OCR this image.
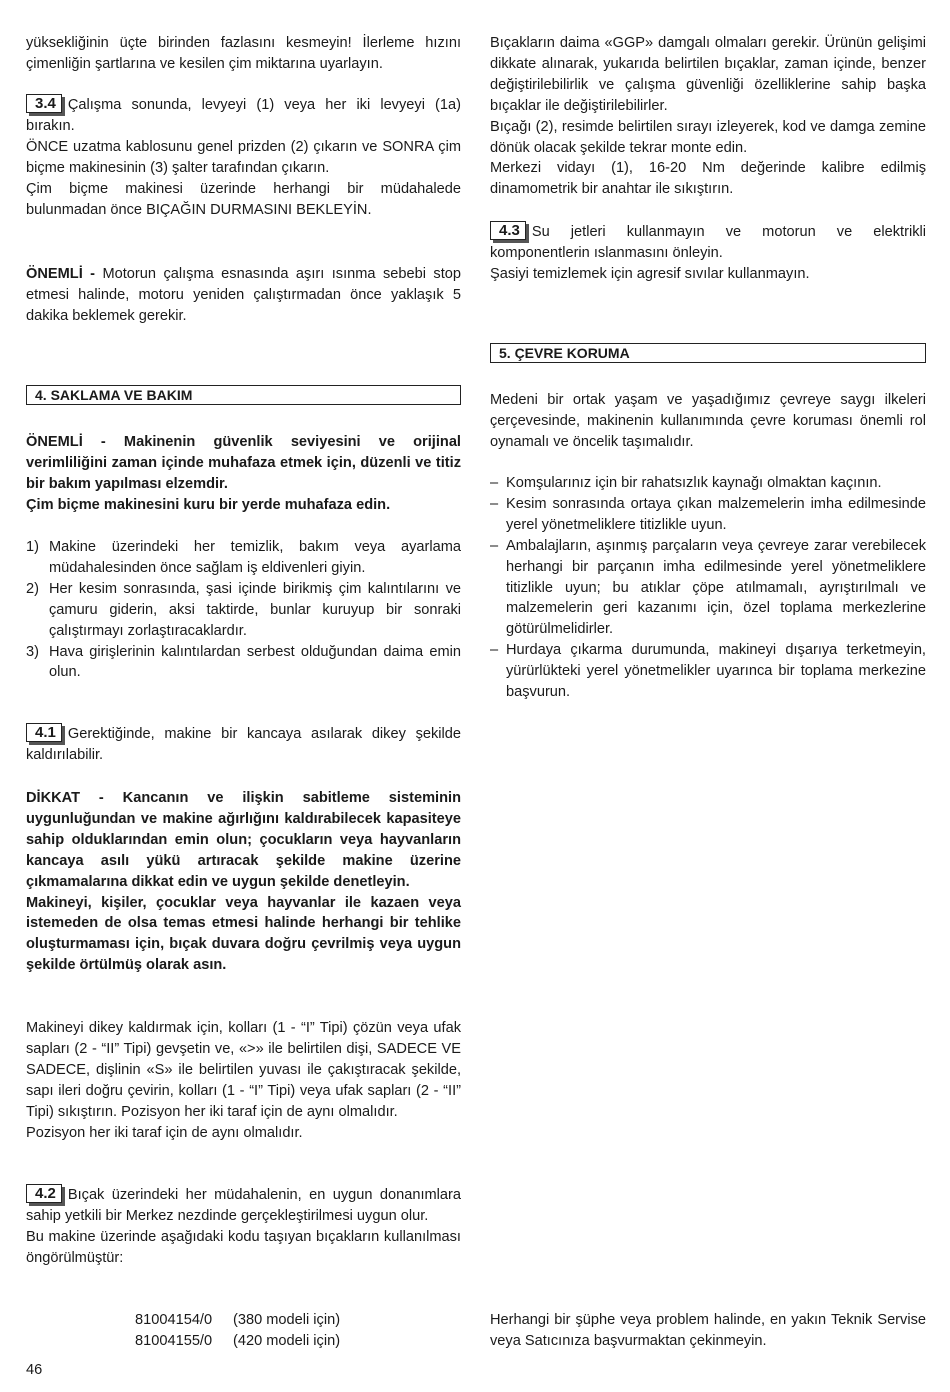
yüksekliğinin üçte birinden fazlasını kesmeyin! İlerleme hızını çimenliğin şartlarına ve kesilen çim miktarına uyarlayın.

3.4 Çalışma sonunda, levyeyi (1) veya her iki levyeyi (1a) bırakın.

ÖNCE uzatma kablosunu genel prizden (2) çıkarın ve SONRA çim biçme makinesinin (3) şalter tarafından çıkarın.

Çim biçme makinesi üzerinde herhangi bir müdahalede bulunmadan önce BIÇAĞIN DURMASINI BEKLEYİN.

ÖNEMLİ - Motorun çalışma esnasında aşırı ısınma sebebi stop etmesi halinde, motoru yeniden çalıştırmadan önce yaklaşık 5 dakika beklemek gerekir.

4. SAKLAMA VE BAKIM

ÖNEMLİ - Makinenin güvenlik seviyesini ve orijinal verimliliğini zaman içinde muhafaza etmek için, düzenli ve titiz bir bakım yapılması elzemdir.

Çim biçme makinesini kuru bir yerde muhafaza edin.

1) Makine üzerindeki her temizlik, bakım veya ayarlama müdahalesinden önce sağlam iş eldivenleri giyin.
2) Her kesim sonrasında, şasi içinde birikmiş çim kalıntılarını ve çamuru giderin, aksi taktirde, bunlar kuruyup bir sonraki çalıştırmayı zorlaştıracaklardır.
3) Hava girişlerinin kalıntılardan serbest olduğundan daima emin olun.

4.1 Gerektiğinde, makine bir kancaya asılarak dikey şekilde kaldırılabilir.

DİKKAT - Kancanın ve ilişkin sabitleme sisteminin uygunluğundan ve makine ağırlığını kaldırabilecek kapasiteye sahip olduklarından emin olun; çocukların veya hayvanların kancaya asılı yükü artıracak şekilde makine üzerine çıkmamalarına dikkat edin ve uygun şekilde denetleyin.

Makineyi, kişiler, çocuklar veya hayvanlar ile kazaen veya istemeden de olsa temas etmesi halinde herhangi bir tehlike oluşturmaması için, bıçak duvara doğru çevrilmiş veya uygun şekilde örtülmüş olarak asın.

Makineyi dikey kaldırmak için, kolları (1 - “I” Tipi) çözün veya ufak sapları (2 - “II” Tipi) gevşetin ve, «>» ile belirtilen dişi, SADECE VE SADECE, dişlinin «S» ile belirtilen yuvası ile çakıştıracak şekilde, sapı ileri doğru çevirin, kolları (1 - “I” Tipi) veya ufak sapları (2 - “II” Tipi) sıkıştırın. Pozisyon her iki taraf için de aynı olmalıdır.

Pozisyon her iki taraf için de aynı olmalıdır.

4.2 Bıçak üzerindeki her müdahalenin, en uygun donanımlara sahip yetkili bir Merkez nezdinde gerçekleştirilmesi uygun olur.

Bu makine üzerinde aşağıdaki kodu taşıyan bıçakların kullanılması öngörülmüştür:

81004154/0 (380 modeli için)
81004155/0 (420 modeli için)
46

Bıçakların daima «GGP» damgalı olmaları gerekir. Ürünün gelişimi dikkate alınarak, yukarıda belirtilen bıçaklar, zaman içinde, benzer değiştirilebilirlik ve çalışma güvenliği özelliklerine sahip başka bıçaklar ile değiştirilebilirler.

Bıçağı (2), resimde belirtilen sırayı izleyerek, kod ve damga zemine dönük olacak şekilde tekrar monte edin.

Merkezi vidayı (1), 16-20 Nm değerinde kalibre edilmiş dinamometrik bir anahtar ile sıkıştırın.

4.3 Su jetleri kullanmayın ve motorun ve elektrikli komponentlerin ıslanmasını önleyin.

Şasiyi temizlemek için agresif sıvılar kullanmayın.

5. ÇEVRE KORUMA

Medeni bir ortak yaşam ve yaşadığımız çevreye saygı ilkeleri çerçevesinde, makinenin kullanımında çevre koruması önemli rol oynamalı ve öncelik taşımalıdır.

– Komşularınız için bir rahatsızlık kaynağı olmaktan kaçının.
– Kesim sonrasında ortaya çıkan malzemelerin imha edilmesinde yerel yönetmeliklere titizlikle uyun.
– Ambalajların, aşınmış parçaların veya çevreye zarar verebilecek herhangi bir parçanın imha edilmesinde yerel yönetmeliklere titizlikle uyun; bu atıklar çöpe atılmamalı, ayrıştırılmalı ve malzemelerin geri kazanımı için, özel toplama merkezlerine götürülmelidirler.
– Hurdaya çıkarma durumunda, makineyi dışarıya terketmeyin, yürürlükteki yerel yönetmelikler uyarınca bir toplama merkezine başvurun.

Herhangi bir şüphe veya problem halinde, en yakın Teknik Servise veya Satıcınıza başvurmaktan çekinmeyin.
